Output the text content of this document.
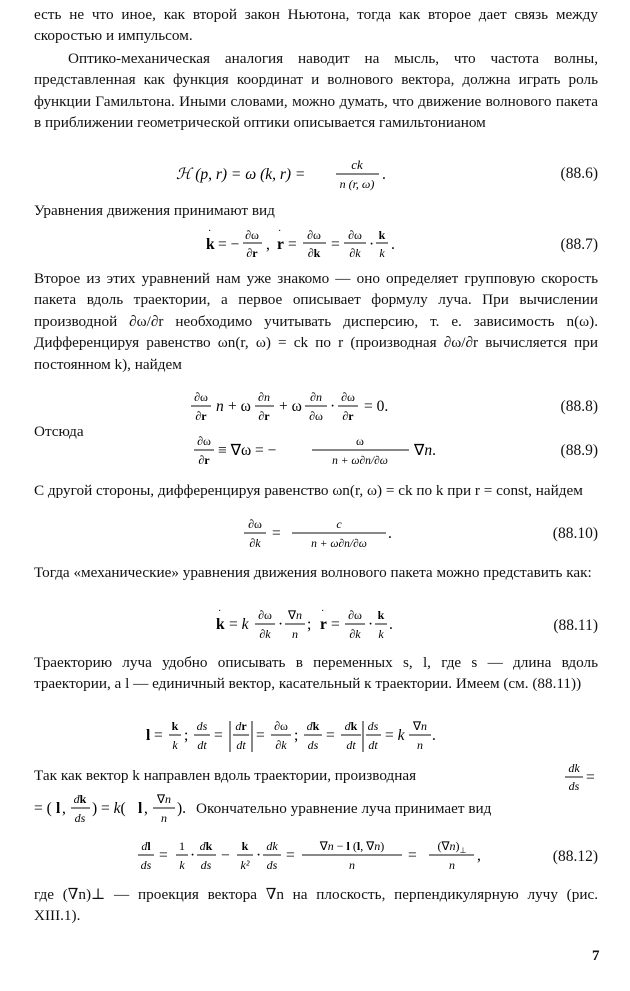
есть не что иное, как второй закон Ньютона, тогда как второе дает связь между скоростью и импульсом.
Оптико-механическая аналогия наводит на мысль, что частота волны, представленная как функция координат и волнового вектора, должна играть роль функции Гамильтона. Иными словами, можно думать, что движение волнового пакета в приближении геометрической оптики описывается гамильтонианом
ℋ (p, r) = ω (k, r) =
ck
n (r, ω)
.	(88.6)
Уравнения движения принимают вид
k
·
= −
∂ω
∂r , r
·
=
∂ω
∂k =
∂ω
∂k ·
k
k .	(88.7)
Второе из этих уравнений нам уже знакомо — оно определяет групповую скорость пакета вдоль траектории, а первое описывает формулу луча. При вычислении производной ∂ω/∂r необходимо учитывать дисперсию, т. е. зависимость n(ω). Дифференцируя равенство ωn(r, ω) = ck по r (производная ∂ω/∂r вычисляется при постоянном k), найдем
∂ω
∂r
n + ω
∂n
∂r
+ ω
∂n
∂ω
·
∂ω
∂r
= 0.	(88.8)
Отсюда
∂ω
∂r
≡ ∇ω = −
ω
n + ω∂n/∂ω
∇n.	(88.9)
С другой стороны, дифференцируя равенство ωn(r, ω) = ck по k при r = const, найдем
∂ω
∂k
=
c
n + ω∂n/∂ω
.	(88.10)
Тогда «механические» уравнения движения волнового пакета можно представить как:
k
·
= k
∂ω
∂k
·
∇n
n
; r
·
=
∂ω
∂k
·
k
k
.	(88.11)
Траекторию луча удобно описывать в переменных s, l, где s — длина вдоль траектории, а l — единичный вектор, касательный к траектории. Имеем (см. (88.11))
l =
k
k
;
ds
dt
=
dr
dt
=
∂ω
∂k
;
dk
ds
=
dk
dt
ds
dt
= k
∇n
n
.
Так как вектор k направлен вдоль траектории, производная	dk
ds =
= ( l ,
dk
ds
) = k( l ,
∇n
n
). Окончательно уравнение луча принимает вид
dl
ds
=
1
k
·
dk
ds
−
k
k²
·
dk
ds
=
∇n − l (l, ∇n)
n
=
$(\nabla n)_\perp$
n
,	(88.12)
где (∇n)⊥ — проекция вектора ∇n на плоскость, перпендикулярную лучу (рис. XIII.1).
7
